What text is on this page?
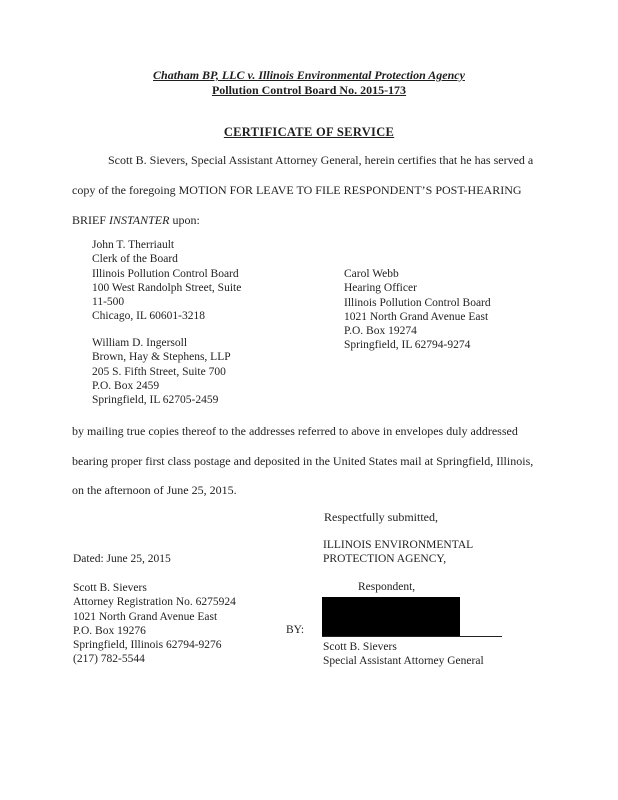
Chatham BP, LLC v. Illinois Environmental Protection Agency
Pollution Control Board No. 2015-173
CERTIFICATE OF SERVICE
Scott B. Sievers, Special Assistant Attorney General, herein certifies that he has served a
copy of the foregoing MOTION FOR LEAVE TO FILE RESPONDENT’S POST-HEARING
BRIEF INSTANTER upon:
John T. Therriault
Clerk of the Board
Illinois Pollution Control Board
100 West Randolph Street, Suite
11-500
Chicago, IL 60601-3218
William D. Ingersoll
Brown, Hay & Stephens, LLP
205 S. Fifth Street, Suite 700
P.O. Box 2459
Springfield, IL 62705-2459
Carol Webb
Hearing Officer
Illinois Pollution Control Board
1021 North Grand Avenue East
P.O. Box 19274
Springfield, IL 62794-9274
by mailing true copies thereof to the addresses referred to above in envelopes duly addressed
bearing proper first class postage and deposited in the United States mail at Springfield, Illinois,
on the afternoon of June 25, 2015.
Respectfully submitted,
ILLINOIS ENVIRONMENTAL
PROTECTION AGENCY,
Dated: June 25, 2015
Respondent,
Scott B. Sievers
Attorney Registration No. 6275924
1021 North Grand Avenue East
P.O. Box 19276
Springfield, Illinois 62794-9276
(217) 782-5544
BY:
Scott B. Sievers
Special Assistant Attorney General
